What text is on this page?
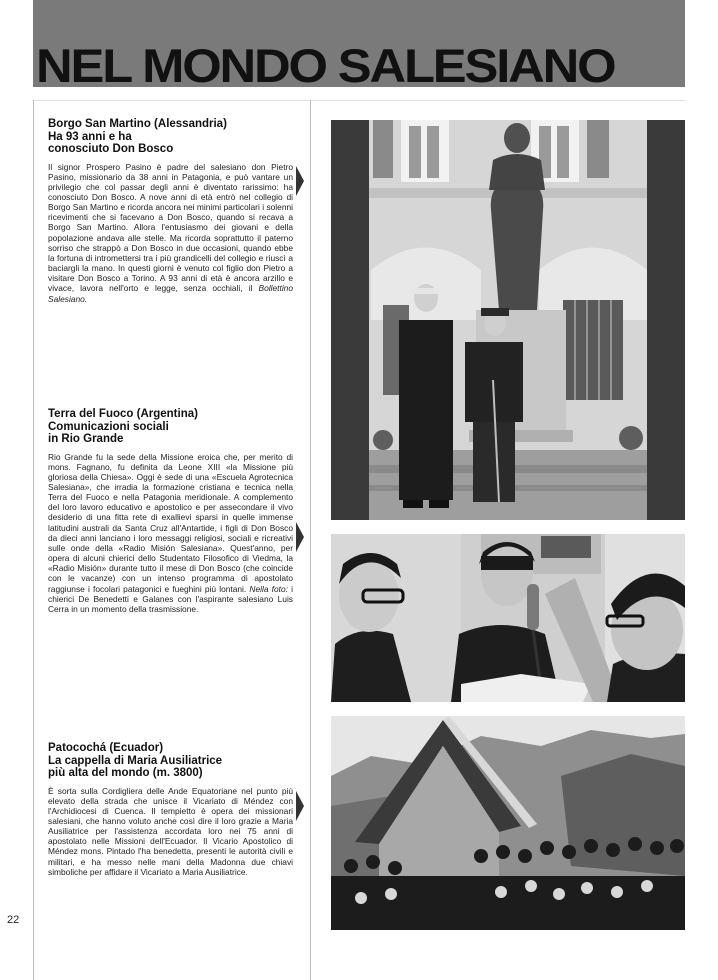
NEL MONDO SALESIANO
Borgo San Martino (Alessandria)
Ha 93 anni e ha
conosciuto Don Bosco

Il signor Prospero Pasino è padre del salesiano don Pietro Pasino, missionario da 38 anni in Patagonia, e può vantare un privilegio che col passar degli anni è diventato rarissimo: ha conosciuto Don Bosco. A nove anni di età entrò nel collegio di Borgo San Martino e ricorda ancora nei minimi particolari i solenni ricevimenti che si facevano a Don Bosco, quando si recava a Borgo San Martino. Allora l'entusiasmo dei giovani e della popolazione andava alle stelle. Ma ricorda soprattutto il paterno sorriso che strappò a Don Bosco in due occasioni, quando ebbe la fortuna di intromettersi tra i più grandicelli del collegio e riuscì a baciargli la mano. In questi giorni è venuto col figlio don Pietro a visitare Don Bosco a Torino. A 93 anni di età è ancora arzillo e vivace, lavora nell'orto e legge, senza occhiali, il Bollettino Salesiano.

Terra del Fuoco (Argentina)
Comunicazioni sociali
in Rio Grande

Rio Grande fu la sede della Missione eroica che, per merito di mons. Fagnano, fu definita da Leone XIII «la Missione più gloriosa della Chiesa». Oggi è sede di una «Escuela Agrotecnica Salesiana», che irradia la formazione cristiana e tecnica nella Terra del Fuoco e nella Patagonia meridionale. A complemento del loro lavoro educativo e apostolico e per assecondare il vivo desiderio di una fitta rete di exallievi sparsi in quelle immense latitudini australi da Santa Cruz all'Antartide, i figli di Don Bosco da dieci anni lanciano i loro messaggi religiosi, sociali e ricreativi sulle onde della «Radio Misión Salesiana». Quest'anno, per opera di alcuni chierici dello Studentato Filosofico di Viedma, la «Radio Misión» durante tutto il mese di Don Bosco (che coincide con le vacanze) con un intenso programma di apostolato raggiunse i focolari patagonici e fueghini più lontani. Nella foto: i chierici De Benedetti e Galanes con l'aspirante salesiano Luis Cerra in un momento della trasmissione.

Patocochá (Ecuador)
La cappella di Maria Ausiliatrice
più alta del mondo (m. 3800)

È sorta sulla Cordigliera delle Ande Equatoriane nel punto più elevato della strada che unisce il Vicariato di Méndez con l'Archidiocesi di Cuenca. Il tempietto è opera dei missionari salesiani, che hanno voluto anche così dire il loro grazie a Maria Ausiliatrice per l'assistenza accordata loro nei 75 anni di apostolato nelle Missioni dell'Ecuador. Il Vicario Apostolico di Méndez mons. Pintado l'ha benedetta, presenti le autorità civili e militari, e ha messo nelle mani della Madonna due chiavi simboliche per affidare il Vicariato a Maria Ausiliatrice.

22
